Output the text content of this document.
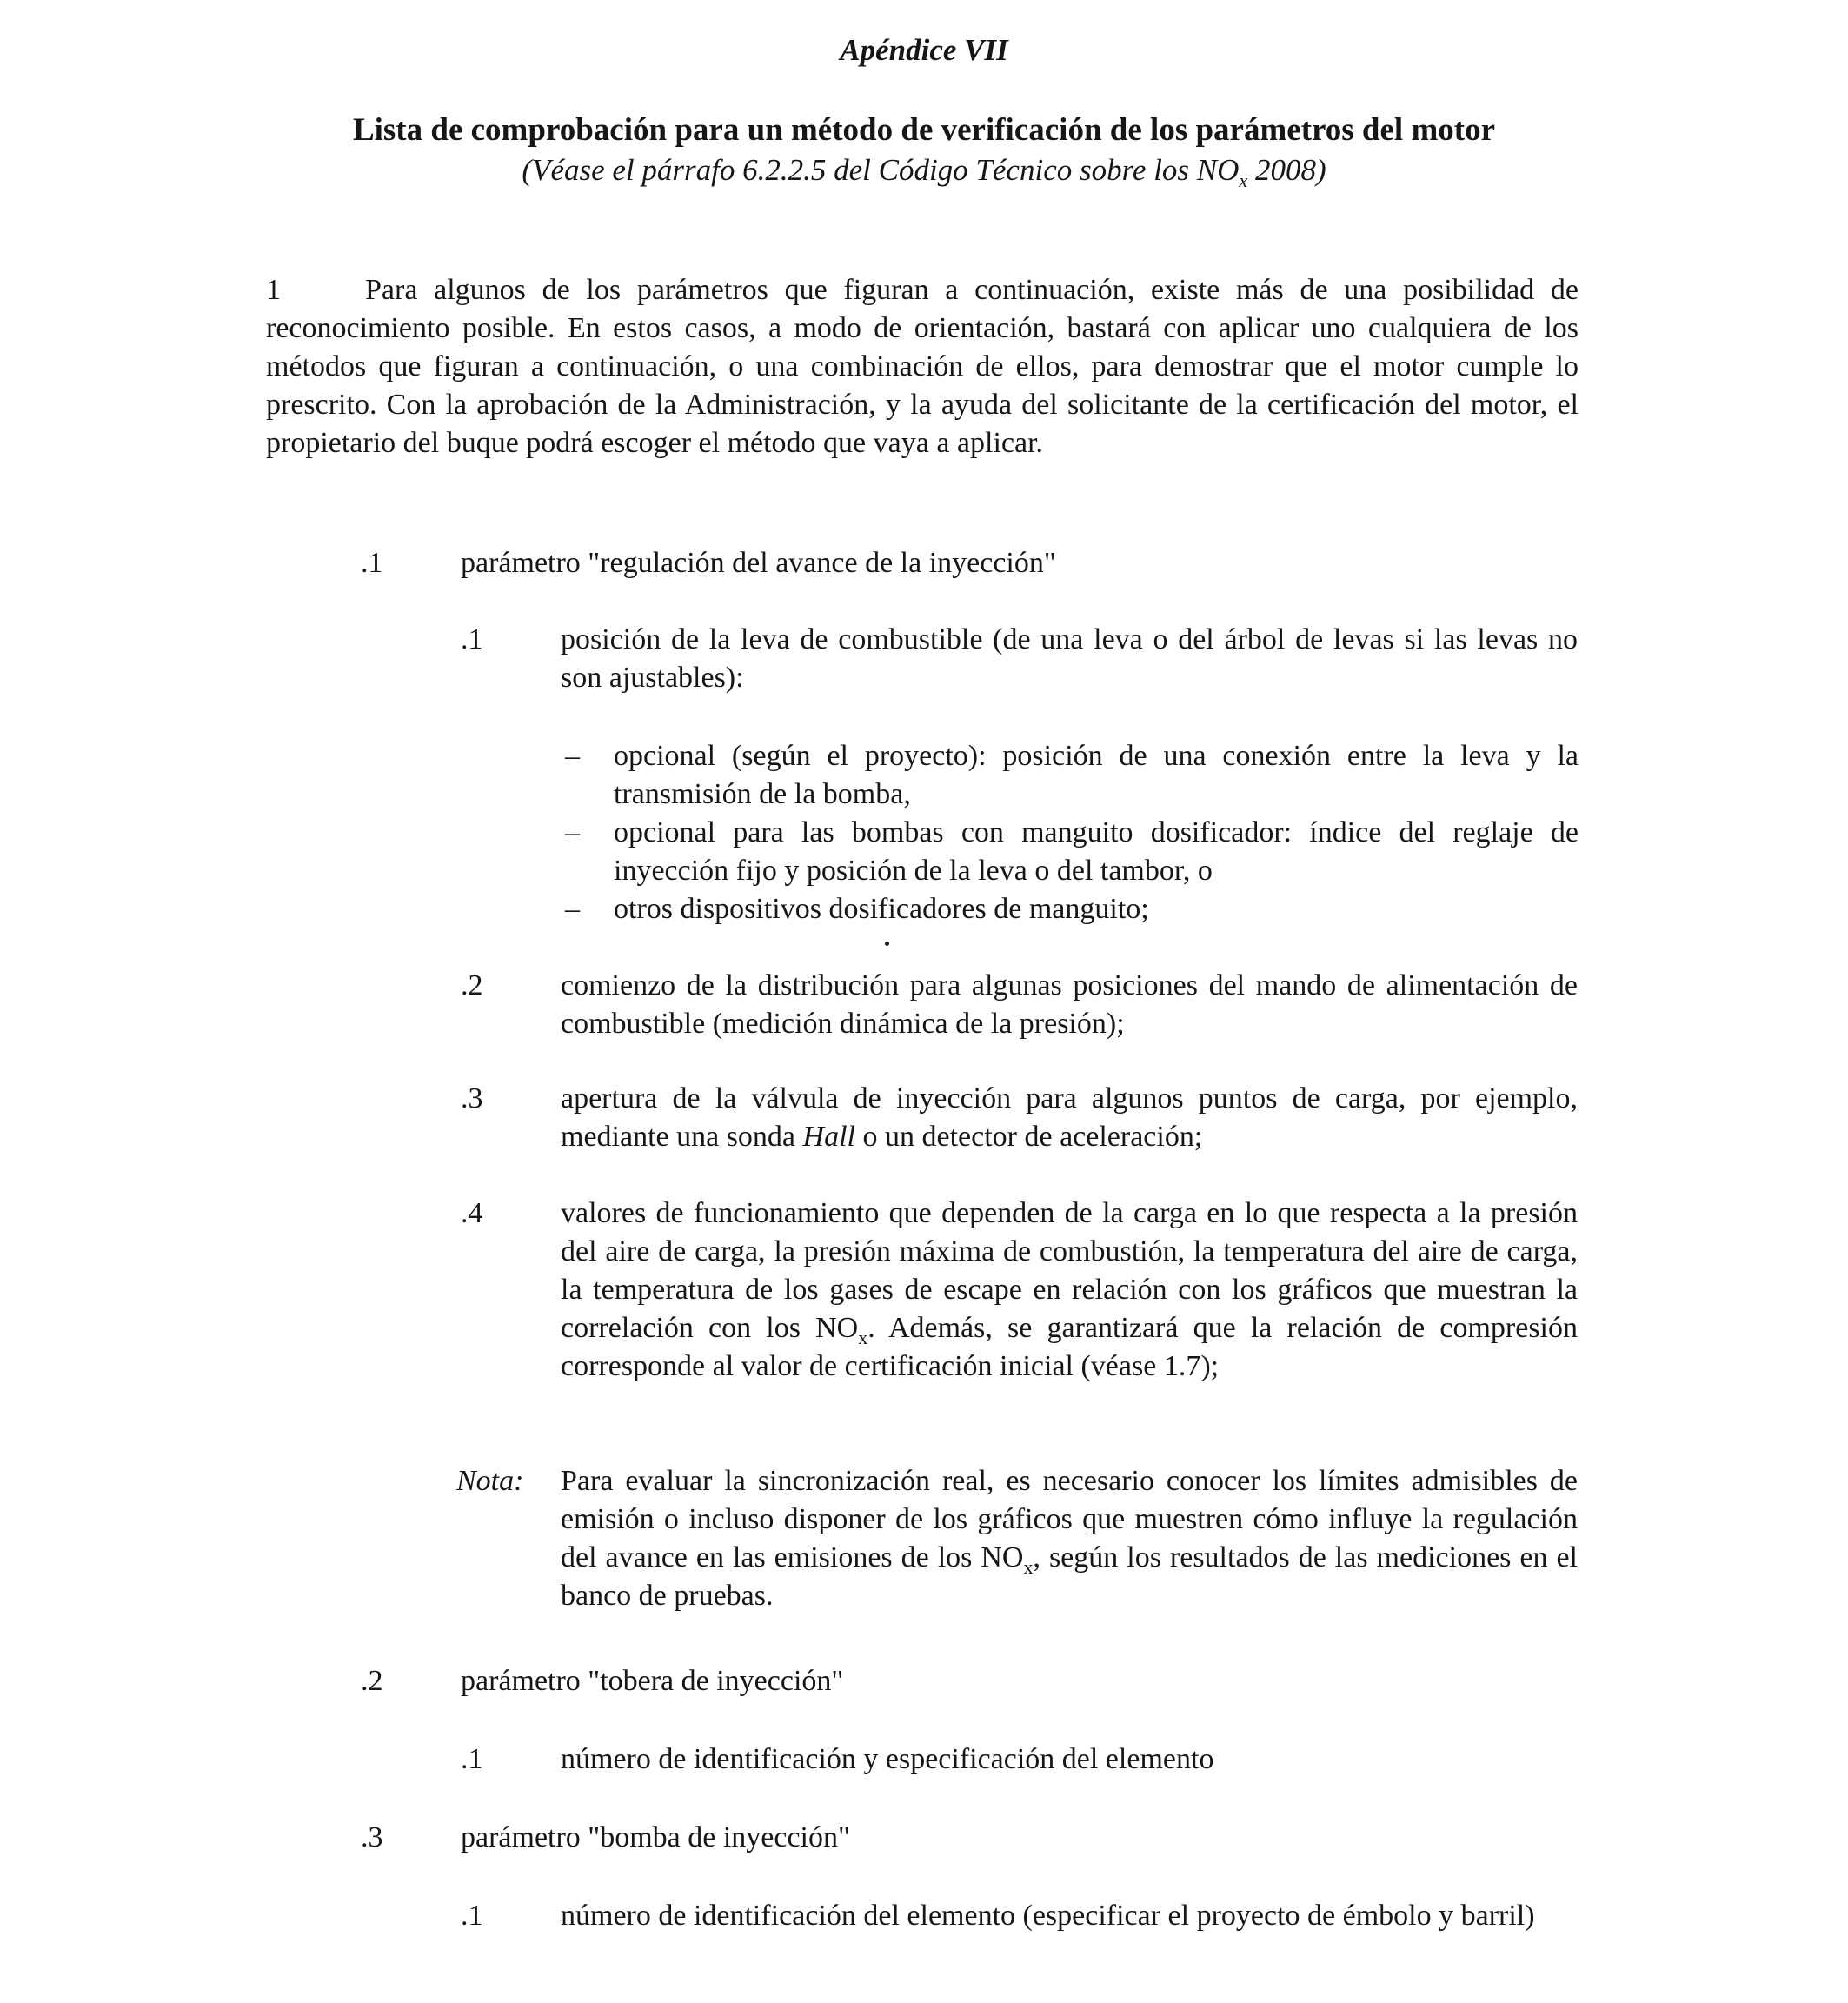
Apéndice VII
Lista de comprobación para un método de verificación de los parámetros del motor
(Véase el párrafo 6.2.2.5 del Código Técnico sobre los $NO_x$ 2008)
1	Para algunos de los parámetros que figuran a continuación, existe más de una posibilidad de reconocimiento posible. En estos casos, a modo de orientación, bastará con aplicar uno cualquiera de los métodos que figuran a continuación, o una combinación de ellos, para demostrar que el motor cumple lo prescrito. Con la aprobación de la Administración, y la ayuda del solicitante de la certificación del motor, el propietario del buque podrá escoger el método que vaya a aplicar.
.1	parámetro "regulación del avance de la inyección"
.1	posición de la leva de combustible (de una leva o del árbol de levas si las levas no son ajustables):
–	opcional (según el proyecto): posición de una conexión entre la leva y la transmisión de la bomba,
–	opcional para las bombas con manguito dosificador: índice del reglaje de inyección fijo y posición de la leva o del tambor, o
–	otros dispositivos dosificadores de manguito;
.2	comienzo de la distribución para algunas posiciones del mando de alimentación de combustible (medición dinámica de la presión);
.3	apertura de la válvula de inyección para algunos puntos de carga, por ejemplo, mediante una sonda Hall o un detector de aceleración;
.4	valores de funcionamiento que dependen de la carga en lo que respecta a la presión del aire de carga, la presión máxima de combustión, la temperatura del aire de carga, la temperatura de los gases de escape en relación con los gráficos que muestran la correlación con los $NO_x$. Además, se garantizará que la relación de compresión corresponde al valor de certificación inicial (véase 1.7);
Nota:	Para evaluar la sincronización real, es necesario conocer los límites admisibles de emisión o incluso disponer de los gráficos que muestren cómo influye la regulación del avance en las emisiones de los $NO_x$, según los resultados de las mediciones en el banco de pruebas.
.2	parámetro "tobera de inyección"
.1	número de identificación y especificación del elemento
.3	parámetro "bomba de inyección"
.1	número de identificación del elemento (especificar el proyecto de émbolo y barril)
